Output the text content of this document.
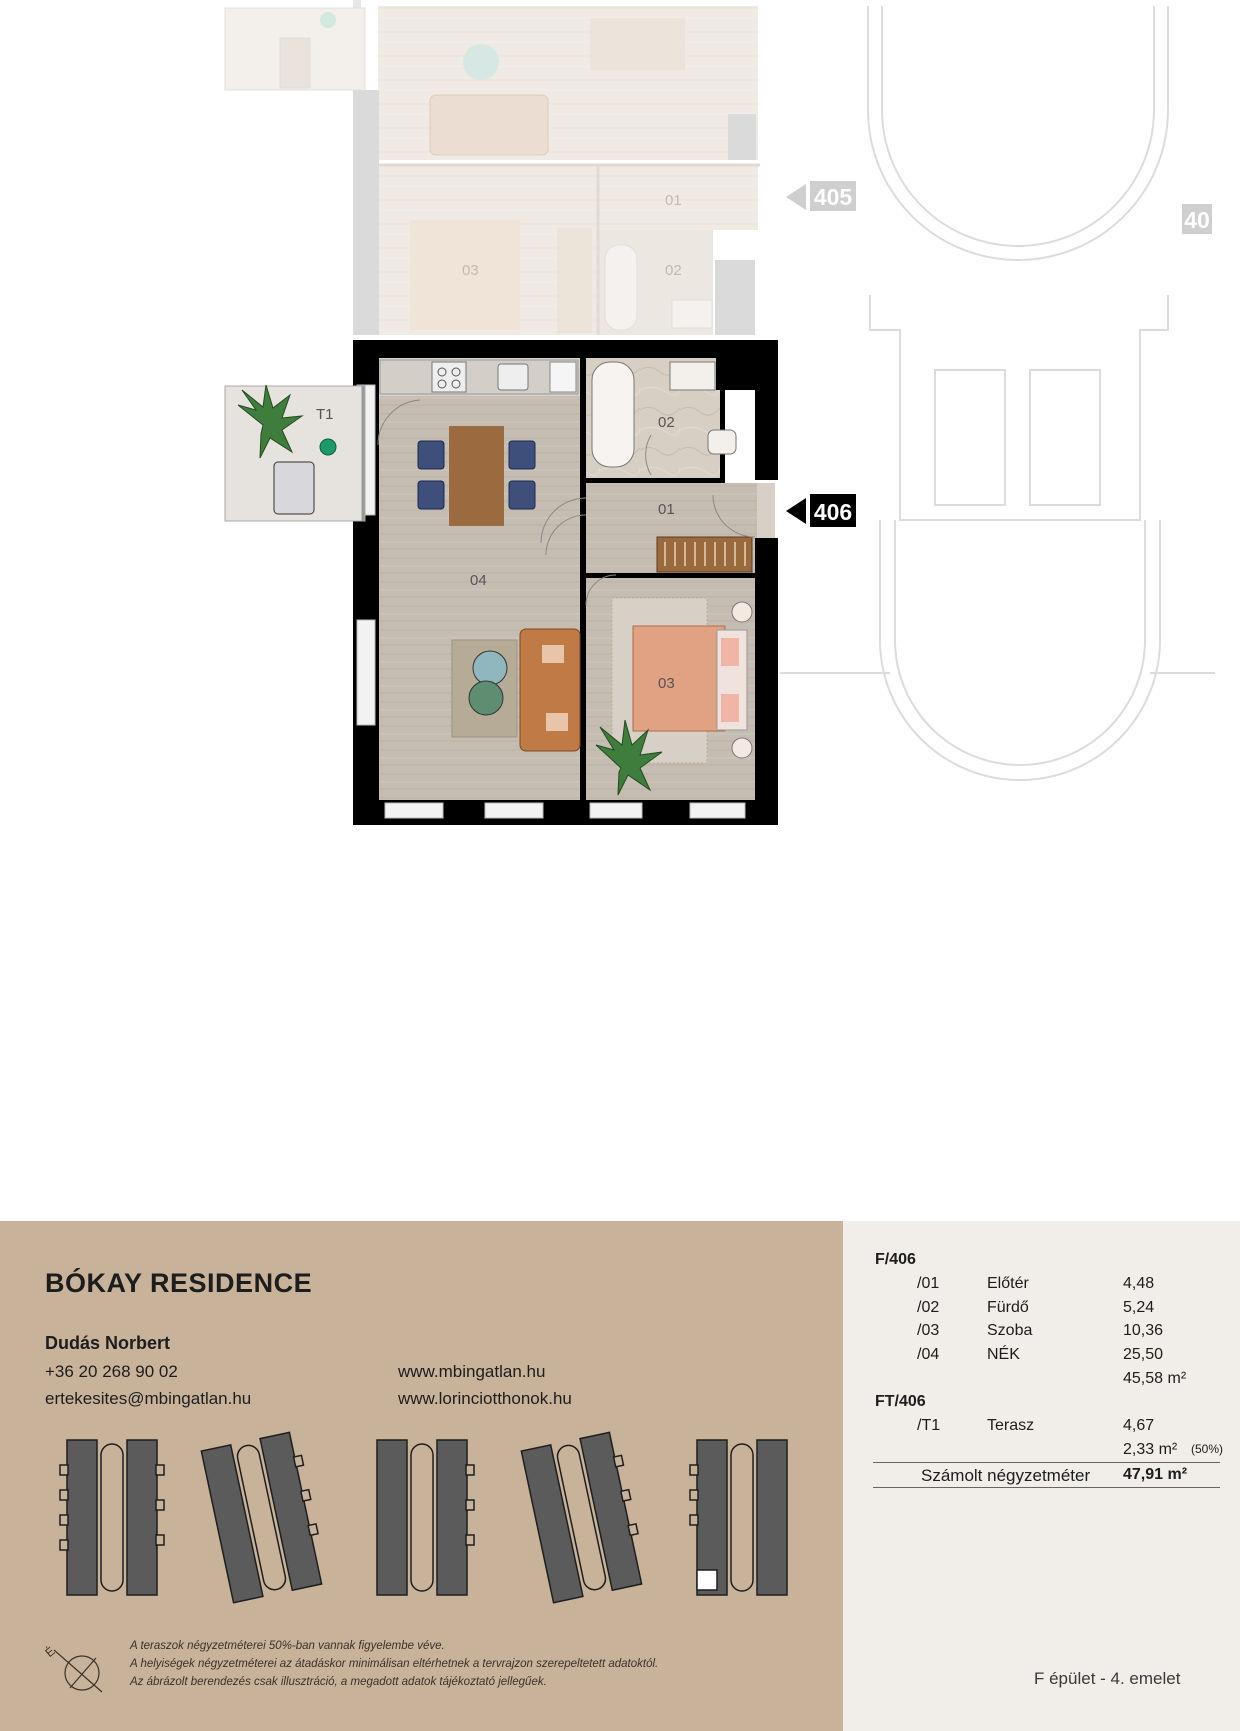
01
02
03
405
40
04
02
01
03
T1
406
BÓKAY RESIDENCE
Dudás Norbert
+36 20 268 90 02
ertekesites@mbingatlan.hu
www.mbingatlan.hu
www.lorinciotthonok.hu
É	A teraszok négyzetméterei 50%-ban vannak figyelembe véve.
A helyiségek négyzetméterei az átadáskor minimálisan eltérhetnek a tervrajzon szerepeltetett adatoktól.
Az ábrázolt berendezés csak illusztráció, a megadott adatok tájékoztató jellegűek.
F/406
/01	Előtér	4,48
/02	Fürdő	5,24
/03	Szoba	10,36
/04	NÉK	25,50
45,58 m²
FT/406
/T1	Terasz	4,67
2,33 m² (50%)
Számolt négyzetméter 47,91 m²
F épület - 4. emelet
